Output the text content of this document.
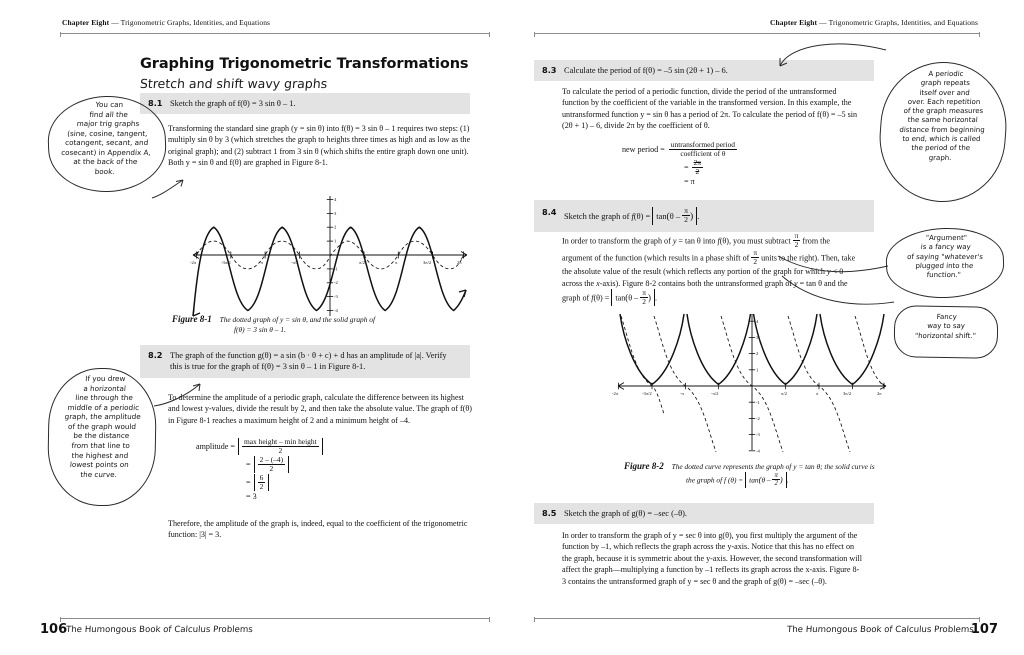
Chapter Eight — Trigonometric Graphs, Identities, and Equations
Graphing Trigonometric Transformations
Stretch and shift wavy graphs
8.1 Sketch the graph of f(θ) = 3 sin θ – 1.
Transforming the standard sine graph (y = sin θ) into f(θ) = 3 sin θ – 1 requires two steps: (1) multiply sin θ by 3 (which stretches the graph to heights three times as high and as low as the original graph); and (2) subtract 1 from 3 sin θ (which shifts the entire graph down one unit). Both y = sin θ and f(θ) are graphed in Figure 8-1.
You can
find all the
major trig graphs
(sine, cosine, tangent,
cotangent, secant, and
cosecant) in Appendix A,
at the back of the
book.
-2π	-3π/2	-π	-π/2	π/2	π	3π/2	2π
4
3
2
1
-1
-2
-3
-4
Figure 8-1 The dotted graph of y = sin θ, and the solid graph of
f(θ) = 3 sin θ – 1.
8.2 The graph of the function g(θ) = a sin (b · θ + c) + d has an amplitude of |a|. Verify this is true for the graph of f(θ) = 3 sin θ – 1 in Figure 8-1.
To determine the amplitude of a periodic graph, calculate the difference between its highest and lowest y-values, divide the result by 2, and then take the absolute value. The graph of f(θ) in Figure 8-1 reaches a maximum height of 2 and a minimum height of –4.
If you drew
a horizontal
line through the
middle of a periodic
graph, the amplitude
of the graph would
be the distance
from that line to
the highest and
lowest points on
the curve.
amplitude = $\frac{\text{max height – min height}}{2}$
= $\frac{2 - (-4)}{2}$
= $\frac{6}{2}$
= 3
Therefore, the amplitude of the graph is, indeed, equal to the coefficient of the trigonometric function: |3| = 3.
106
The Humongous Book of Calculus Problems
Chapter Eight — Trigonometric Graphs, Identities, and Equations
8.3 Calculate the period of f(θ) = –5 sin (2θ + 1) – 6.
To calculate the period of a periodic function, divide the period of the untransformed function by the coefficient of the variable in the transformed version. In this example, the untransformed function y = sin θ has a period of 2π. To calculate the period of f(θ) = –5 sin (2θ + 1) – 6, divide 2π by the coefficient of θ.
new period = $\frac{\text{untransformed period}}{\text{coefficient of θ}}$
= $\frac{2\pi}{2}$
= π
A periodic
graph repeats
itself over and
over. Each repetition
of the graph measures
the same horizontal
distance from beginning
to end, which is called
the period of the
graph.
8.4 Sketch the graph of $f(\theta) = \tan(\theta - \frac{\pi}{2}$ ) .
In order to transform the graph of y = tan θ into f(θ), you must subtract $\frac{\pi}{2}$ from the argument of the function (which results in a phase shift of $\frac{\pi}{2}$ units to the right). Then, take the absolute value of the result (which reflects any portion of the graph for which y < 0 across the x-axis). Figure 8-2 contains both the untransformed graph of y = tan θ and the graph of $f(\theta) = \tan(\theta - \frac{\pi}{2}$ ) .
"Argument"
is a fancy way
of saying "whatever's
plugged into the
function."
Fancy
way to say
"horizontal shift."
-2π	-3π/2	-π	-π/2	π/2	π	3π/2	2π
4
3
2
1
-1
-2
-3
-4
Figure 8-2 The dotted curve represents the graph of y = tan θ; the solid curve is
the graph of f $(\theta) = \tan(\theta - \frac{\pi}{2}$ ) .
8.5 Sketch the graph of g(θ) = –sec (–θ).
In order to transform the graph of y = sec θ into g(θ), you first multiply the argument of the function by –1, which reflects the graph across the y-axis. Notice that this has no effect on the graph, because it is symmetric about the y-axis. However, the second transformation will affect the graph—multiplying a function by –1 reflects its graph across the x-axis. Figure 8-3 contains the untransformed graph of y = sec θ and the graph of g(θ) = –sec (–θ).
107
The Humongous Book of Calculus Problems
